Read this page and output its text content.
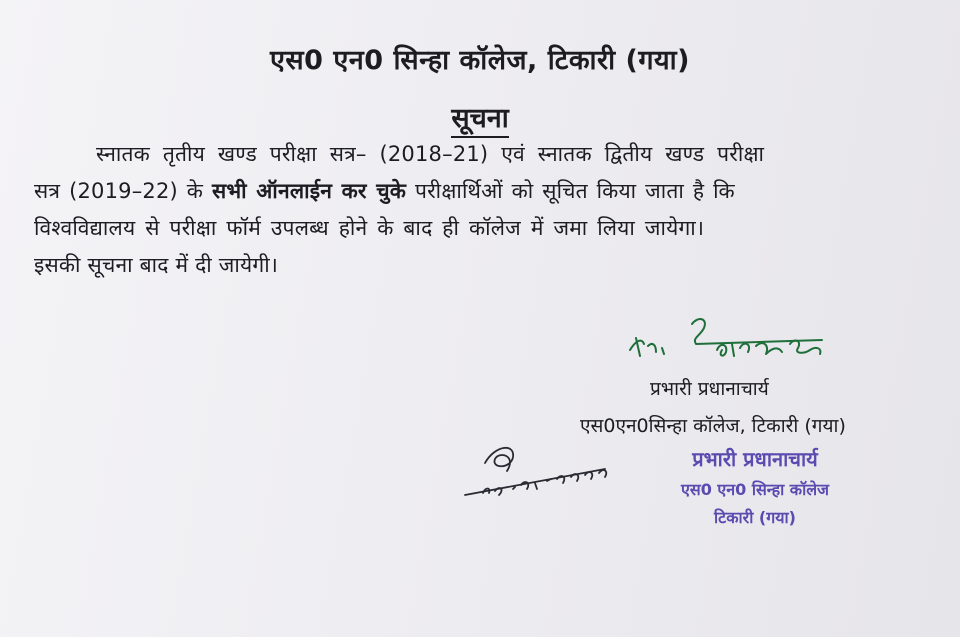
एस0 एन0 सिन्हा कॉलेज, टिकारी (गया)
सूचना
स्नातक तृतीय खण्ड परीक्षा सत्र– (2018–21) एवं स्नातक द्वितीय खण्ड परीक्षा
सत्र (2019–22) के सभी ऑनलाईन कर चुके परीक्षार्थिओं को सूचित किया जाता है कि
विश्वविद्यालय से परीक्षा फॉर्म उपलब्ध होने के बाद ही कॉलेज में जमा लिया जायेगा।
इसकी सूचना बाद में दी जायेगी।
प्रभारी प्रधानाचार्य
एस0एन0सिन्हा कॉलेज, टिकारी (गया)
प्रभारी प्रधानाचार्य
एस0 एन0 सिन्हा कॉलेज
टिकारी (गया)
